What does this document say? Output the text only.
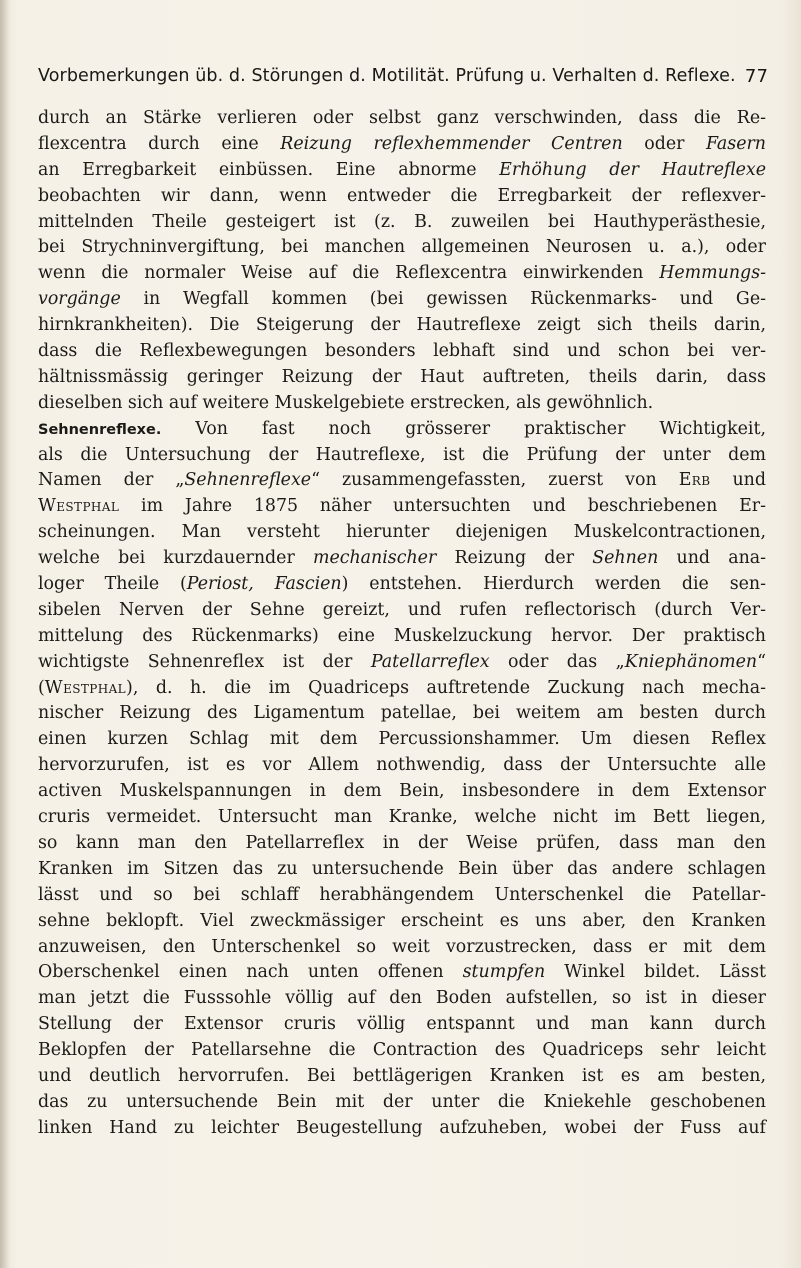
Vorbemerkungen üb. d. Störungen d. Motilität. Prüfung u. Verhalten d. Reflexe. 77
durch an Stärke verlieren oder selbst ganz verschwinden, dass die Re-
flexcentra durch eine Reizung reflexhemmender Centren oder Fasern
an Erregbarkeit einbüssen. Eine abnorme Erhöhung der Hautreflexe
beobachten wir dann, wenn entweder die Erregbarkeit der reflexver-
mittelnden Theile gesteigert ist (z. B. zuweilen bei Hauthyperästhesie,
bei Strychninvergiftung, bei manchen allgemeinen Neurosen u. a.), oder
wenn die normaler Weise auf die Reflexcentra einwirkenden Hemmungs-
vorgänge in Wegfall kommen (bei gewissen Rückenmarks- und Ge-
hirnkrankheiten). Die Steigerung der Hautreflexe zeigt sich theils darin,
dass die Reflexbewegungen besonders lebhaft sind und schon bei ver-
hältnissmässig geringer Reizung der Haut auftreten, theils darin, dass
dieselben sich auf weitere Muskelgebiete erstrecken, als gewöhnlich.
Sehnenreflexe. Von fast noch grösserer praktischer Wichtigkeit,
als die Untersuchung der Hautreflexe, ist die Prüfung der unter dem
Namen der „Sehnenreflexe“ zusammengefassten, zuerst von Erb und
Westphal im Jahre 1875 näher untersuchten und beschriebenen Er-
scheinungen. Man versteht hierunter diejenigen Muskelcontractionen,
welche bei kurzdauernder mechanischer Reizung der Sehnen und ana-
loger Theile (Periost, Fascien) entstehen. Hierdurch werden die sen-
sibelen Nerven der Sehne gereizt, und rufen reflectorisch (durch Ver-
mittelung des Rückenmarks) eine Muskelzuckung hervor. Der praktisch
wichtigste Sehnenreflex ist der Patellarreflex oder das „Kniephänomen“
(Westphal), d. h. die im Quadriceps auftretende Zuckung nach mecha-
nischer Reizung des Ligamentum patellae, bei weitem am besten durch
einen kurzen Schlag mit dem Percussionshammer. Um diesen Reflex
hervorzurufen, ist es vor Allem nothwendig, dass der Untersuchte alle
activen Muskelspannungen in dem Bein, insbesondere in dem Extensor
cruris vermeidet. Untersucht man Kranke, welche nicht im Bett liegen,
so kann man den Patellarreflex in der Weise prüfen, dass man den
Kranken im Sitzen das zu untersuchende Bein über das andere schlagen
lässt und so bei schlaff herabhängendem Unterschenkel die Patellar-
sehne beklopft. Viel zweckmässiger erscheint es uns aber, den Kranken
anzuweisen, den Unterschenkel so weit vorzustrecken, dass er mit dem
Oberschenkel einen nach unten offenen stumpfen Winkel bildet. Lässt
man jetzt die Fusssohle völlig auf den Boden aufstellen, so ist in dieser
Stellung der Extensor cruris völlig entspannt und man kann durch
Beklopfen der Patellarsehne die Contraction des Quadriceps sehr leicht
und deutlich hervorrufen. Bei bettlägerigen Kranken ist es am besten,
das zu untersuchende Bein mit der unter die Kniekehle geschobenen
linken Hand zu leichter Beugestellung aufzuheben, wobei der Fuss auf
